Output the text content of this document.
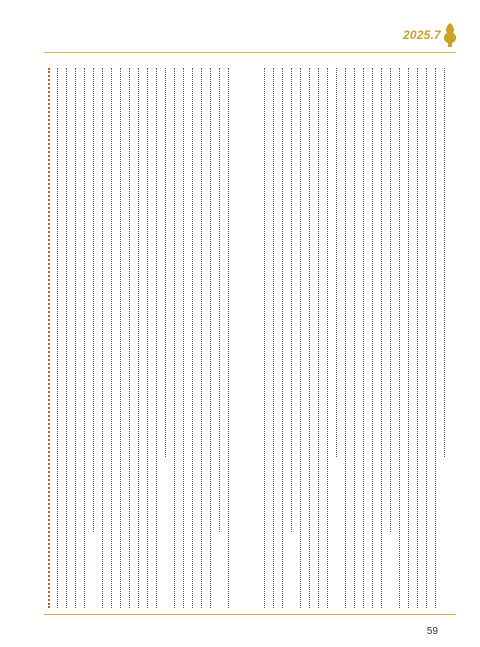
2025.7
59
